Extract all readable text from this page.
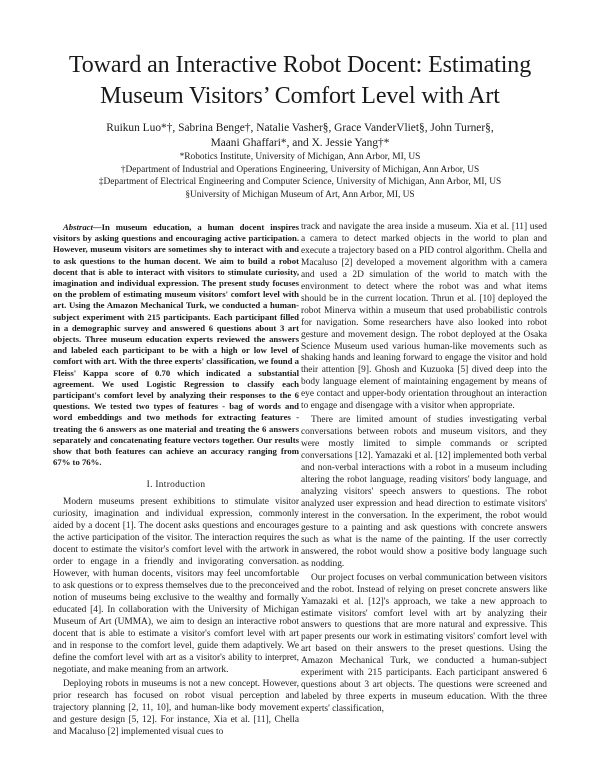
Toward an Interactive Robot Docent: Estimating
Museum Visitors’ Comfort Level with Art
Ruikun Luo*†, Sabrina Benge†, Natalie Vasher§, Grace VanderVliet§, John Turner§,
Maani Ghaffari*, and X. Jessie Yang†*
*Robotics Institute, University of Michigan, Ann Arbor, MI, US
†Department of Industrial and Operations Engineering, University of Michigan, Ann Arbor, US
‡Department of Electrical Engineering and Computer Science, University of Michigan, Ann Arbor, MI, US
§University of Michigan Museum of Art, Ann Arbor, MI, US

Abstract—In museum education, a human docent inspires visitors by asking questions and encouraging active participation. However, museum visitors are sometimes shy to interact with and to ask questions to the human docent. We aim to build a robot docent that is able to interact with visitors to stimulate curiosity, imagination and individual expression. The present study focuses on the problem of estimating museum visitors' comfort level with art. Using the Amazon Mechanical Turk, we conducted a human-subject experiment with 215 participants. Each participant filled in a demographic survey and answered 6 questions about 3 art objects. Three museum education experts reviewed the answers and labeled each participant to be with a high or low level of comfort with art. With the three experts' classification, we found a Fleiss' Kappa score of 0.70 which indicated a substantial agreement. We used Logistic Regression to classify each participant's comfort level by analyzing their responses to the 6 questions. We tested two types of features - bag of words and word embeddings and two methods for extracting features - treating the 6 answers as one material and treating the 6 answers separately and concatenating feature vectors together. Our results show that both features can achieve an accuracy ranging from 67% to 76%.

I. Introduction

Modern museums present exhibitions to stimulate visitor curiosity, imagination and individual expression, commonly aided by a docent [1]. The docent asks questions and encourages the active participation of the visitor. The interaction requires the docent to estimate the visitor's comfort level with the artwork in order to engage in a friendly and invigorating conversation. However, with human docents, visitors may feel uncomfortable to ask questions or to express themselves due to the preconceived notion of museums being exclusive to the wealthy and formally educated [4]. In collaboration with the University of Michigan Museum of Art (UMMA), we aim to design an interactive robot docent that is able to estimate a visitor's comfort level with art and in response to the comfort level, guide them adaptively. We define the comfort level with art as a visitor's ability to interpret, negotiate, and make meaning from an artwork.

Deploying robots in museums is not a new concept. However, prior research has focused on robot visual perception and trajectory planning [2, 11, 10], and human-like body movement and gesture design [5, 12]. For instance, Xia et al. [11], Chella and Macaluso [2] implemented visual cues to

track and navigate the area inside a museum. Xia et al. [11] used a camera to detect marked objects in the world to plan and execute a trajectory based on a PID control algorithm. Chella and Macaluso [2] developed a movement algorithm with a camera and used a 2D simulation of the world to match with the environment to detect where the robot was and what items should be in the current location. Thrun et al. [10] deployed the robot Minerva within a museum that used probabilistic controls for navigation. Some researchers have also looked into robot gesture and movement design. The robot deployed at the Osaka Science Museum used various human-like movements such as shaking hands and leaning forward to engage the visitor and hold their attention [9]. Ghosh and Kuzuoka [5] dived deep into the body language element of maintaining engagement by means of eye contact and upper-body orientation throughout an interaction to engage and disengage with a visitor when appropriate.

There are limited amount of studies investigating verbal conversations between robots and museum visitors, and they were mostly limited to simple commands or scripted conversations [12]. Yamazaki et al. [12] implemented both verbal and non-verbal interactions with a robot in a museum including altering the robot language, reading visitors' body language, and analyzing visitors' speech answers to questions. The robot analyzed user expression and head direction to estimate visitors' interest in the conversation. In the experiment, the robot would gesture to a painting and ask questions with concrete answers such as what is the name of the painting. If the user correctly answered, the robot would show a positive body language such as nodding.

Our project focuses on verbal communication between visitors and the robot. Instead of relying on preset concrete answers like Yamazaki et al. [12]'s approach, we take a new approach to estimate visitors' comfort level with art by analyzing their answers to questions that are more natural and expressive. This paper presents our work in estimating visitors' comfort level with art based on their answers to the preset questions. Using the Amazon Mechanical Turk, we conducted a human-subject experiment with 215 participants. Each participant answered 6 questions about 3 art objects. The questions were screened and labeled by three experts in museum education. With the three experts' classification,
